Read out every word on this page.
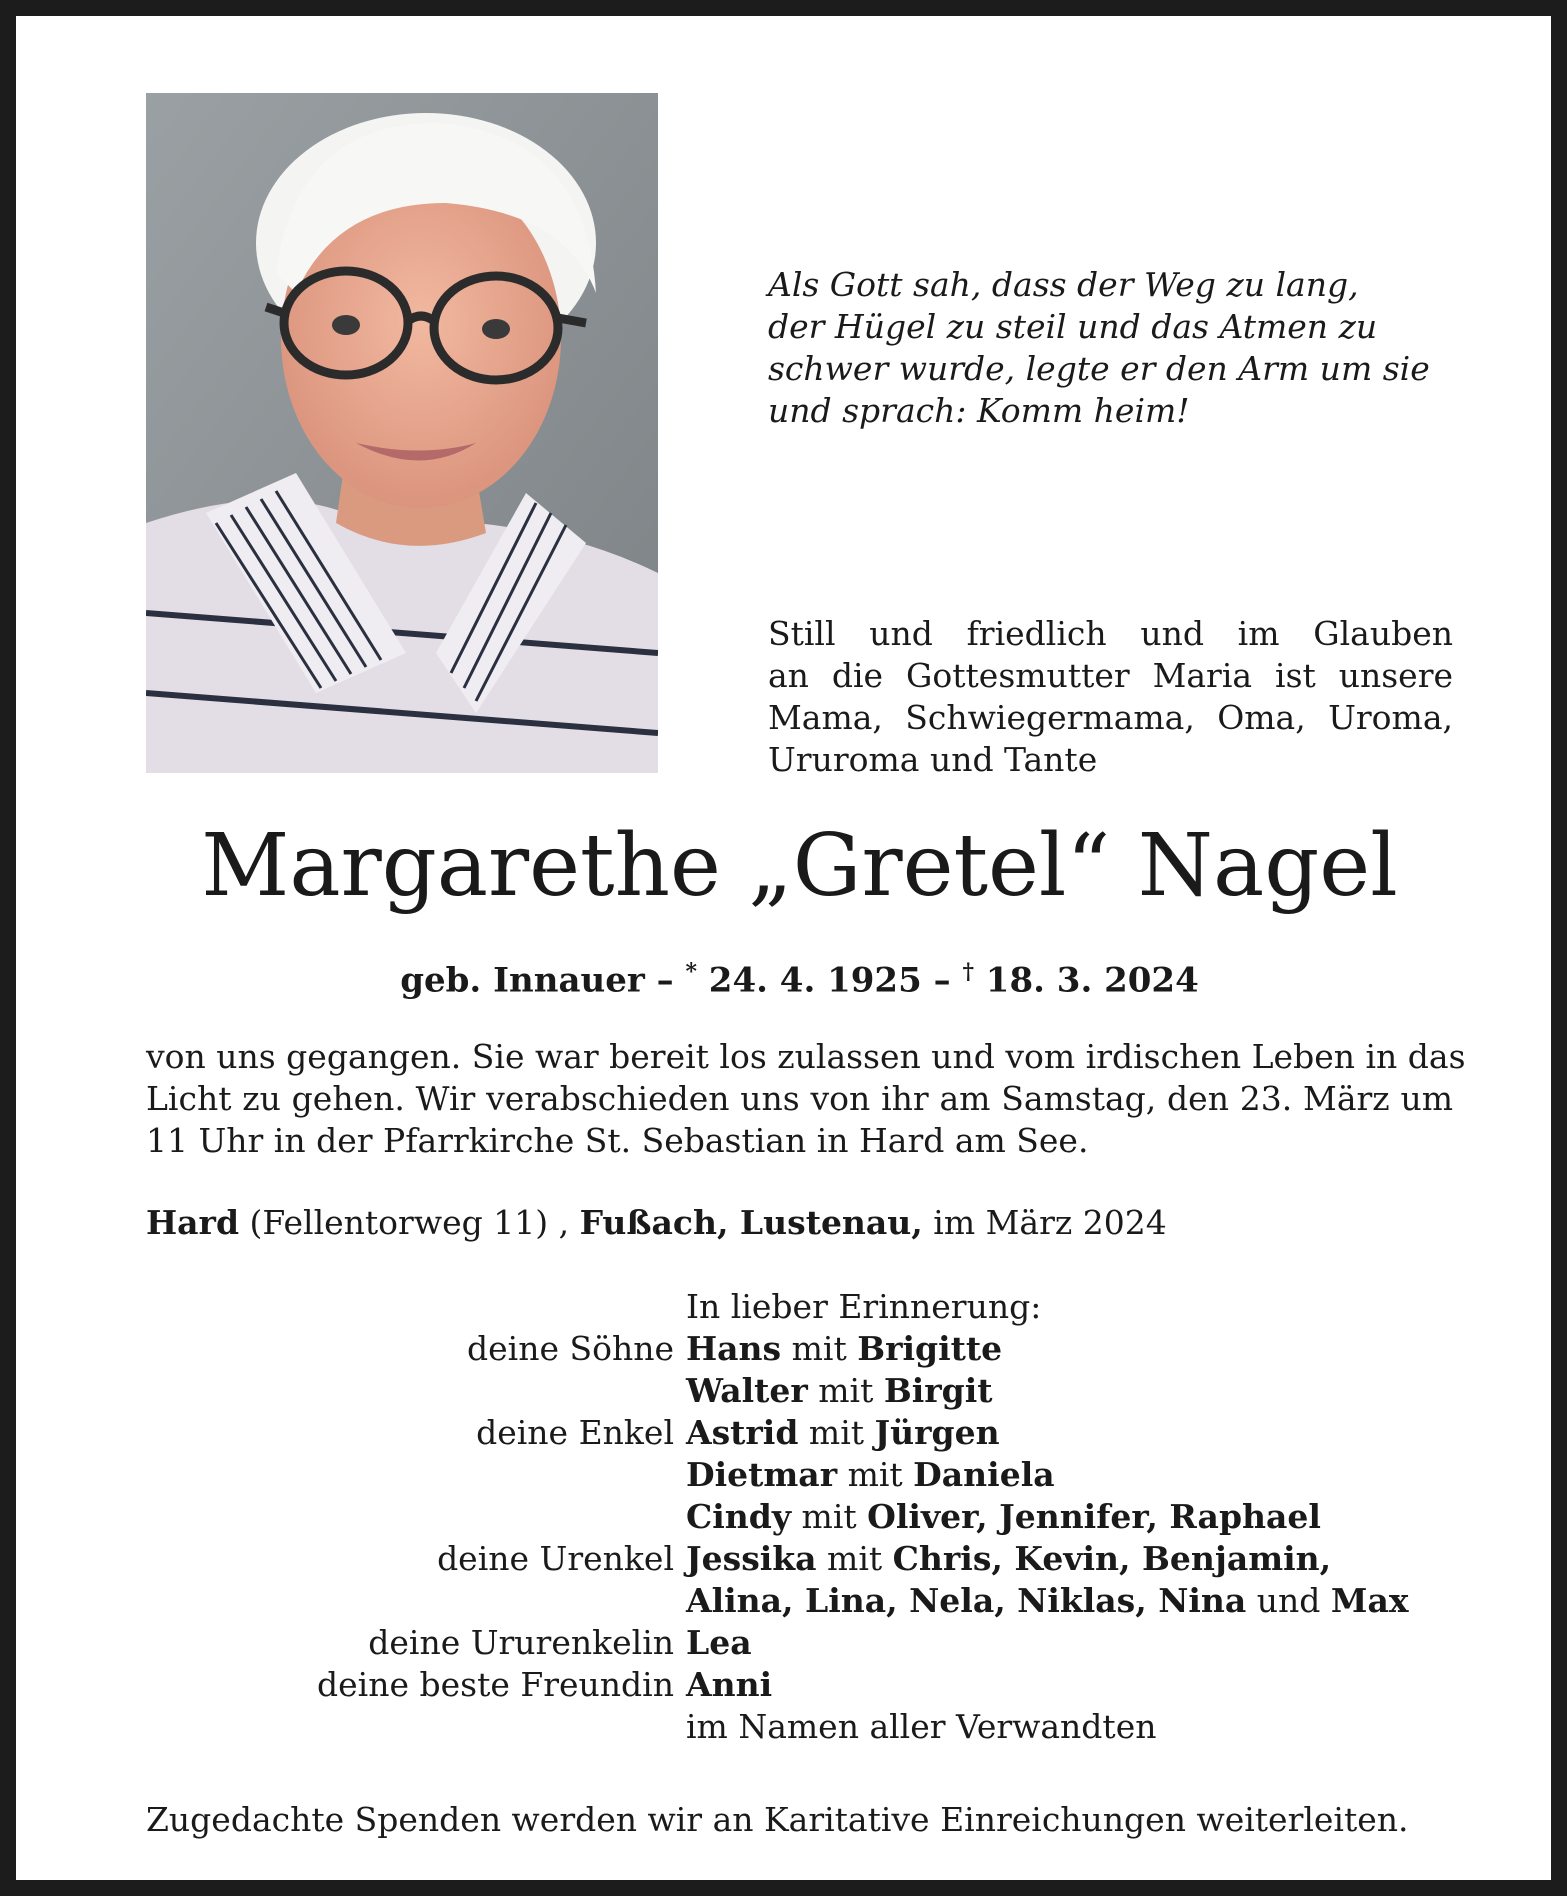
Als Gott sah, dass der Weg zu lang,
der Hügel zu steil und das Atmen zu
schwer wurde, legte er den Arm um sie
und sprach: Komm heim!
Still und friedlich und im Glauben
an die Gottesmutter Maria ist unsere
Mama, Schwiegermama, Oma, Uroma,
Ururoma und Tante
Margarethe „Gretel“ Nagel
geb. Innauer – * 24. 4. 1925 – † 18. 3. 2024
von uns gegangen. Sie war bereit los zulassen und vom irdischen Leben in das
Licht zu gehen. Wir verabschieden uns von ihr am Samstag, den 23. März um
11 Uhr in der Pfarrkirche St. Sebastian in Hard am See.
Hard (Fellentorweg 11) , Fußach, Lustenau, im März 2024
In lieber Erinnerung:
deine Söhne Hans mit Brigitte
Walter mit Birgit
deine Enkel Astrid mit Jürgen
Dietmar mit Daniela
Cindy mit Oliver, Jennifer, Raphael
deine Urenkel Jessika mit Chris, Kevin, Benjamin,
Alina, Lina, Nela, Niklas, Nina und Max
deine Ururenkelin Lea
deine beste Freundin Anni
im Namen aller Verwandten
Zugedachte Spenden werden wir an Karitative Einreichungen weiterleiten.
